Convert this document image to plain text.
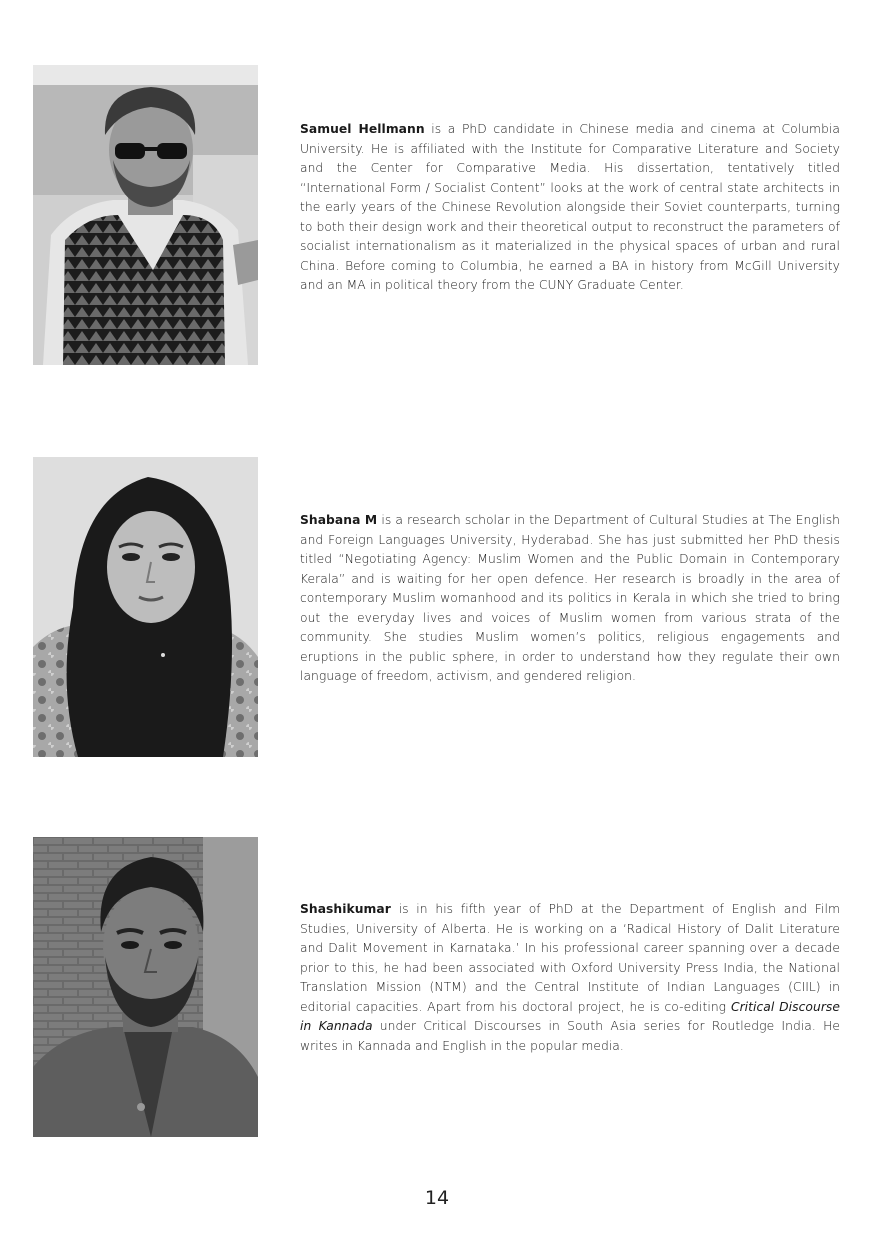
Samuel Hellmann is a PhD candidate in Chinese media and cinema at Columbia University. He is affiliated with the Institute for Comparative Literature and Society and the Center for Comparative Media. His dissertation, tentatively titled “International Form / Socialist Content” looks at the work of central state architects in the early years of the Chinese Revolution alongside their Soviet counterparts, turning to both their design work and their theoretical output to reconstruct the parameters of socialist internationalism as it materialized in the physical spaces of urban and rural China. Before coming to Columbia, he earned a BA in history from McGill University and an MA in political theory from the CUNY Graduate Center.

Shabana M is a research scholar in the Department of Cultural Studies at The English and Foreign Languages University, Hyderabad. She has just submitted her PhD thesis titled “Negotiating Agency: Muslim Women and the Public Domain in Contemporary Kerala” and is waiting for her open defence. Her research is broadly in the area of contemporary Muslim womanhood and its politics in Kerala in which she tried to bring out the everyday lives and voices of Muslim women from various strata of the community. She studies Muslim women’s politics, religious engagements and eruptions in the public sphere, in order to understand how they regulate their own language of freedom, activism, and gendered religion.

Shashikumar is in his fifth year of PhD at the Department of English and Film Studies, University of Alberta. He is working on a ‘Radical History of Dalit Literature and Dalit Movement in Karnataka.’ In his professional career spanning over a decade prior to this, he had been associated with Oxford University Press India, the National Translation Mission (NTM) and the Central Institute of Indian Languages (CIIL) in editorial capacities. Apart from his doctoral project, he is co-editing Critical Discourse in Kannada under Critical Discourses in South Asia series for Routledge India. He writes in Kannada and English in the popular media.

14
